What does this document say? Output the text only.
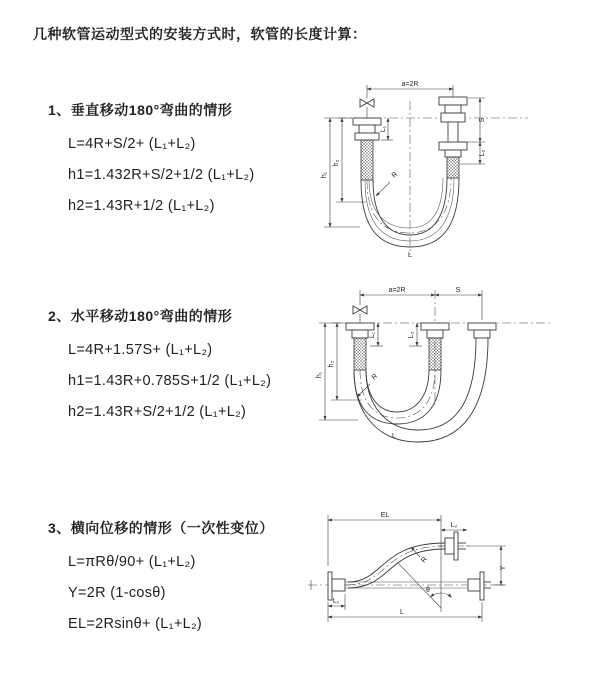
几种软管运动型式的安装方式时，软管的长度计算：
1、垂直移动180°弯曲的情形
L=4R+S/2+ (L₁+L₂)
h1=1.432R+S/2+1/2 (L₁+L₂)
h2=1.43R+1/2 (L₁+L₂)
2、水平移动180°弯曲的情形
L=4R+1.57S+ (L₁+L₂)
h1=1.43R+0.785S+1/2 (L₁+L₂)
h2=1.43R+S/2+1/2 (L₁+L₂)
3、横向位移的情形（一次性变位）
L=πRθ/90+ (L₁+L₂)
Y=2R (1-cosθ)
EL=2Rsinθ+ (L₁+L₂)
a=2R
R
h₁
h₂
L₁
S
L₂
L
a=2R	S
R
h₁
h₂
L₁	L₂
L
EL
L₂
R
θ
Y
L
L₁
